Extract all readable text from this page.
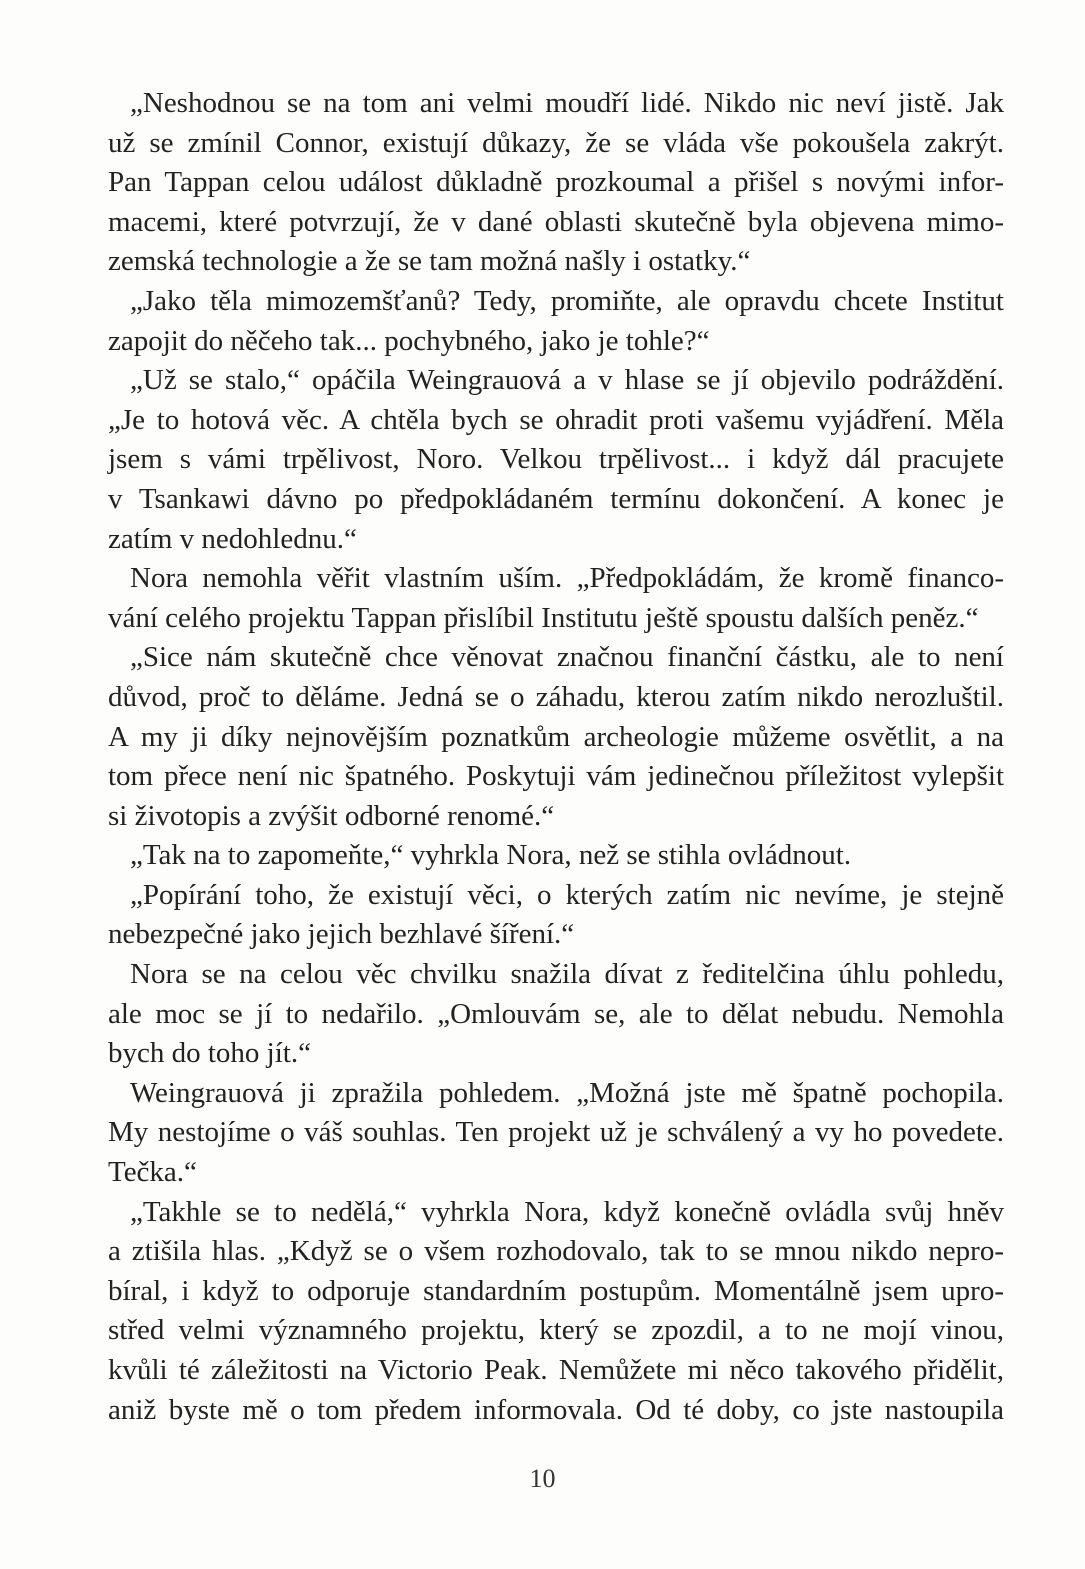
„Neshodnou se na tom ani velmi moudří lidé. Nikdo nic neví jistě. Jak
už se zmínil Connor, existují důkazy, že se vláda vše pokoušela zakrýt.
Pan Tappan celou událost důkladně prozkoumal a přišel s novými infor-
macemi, které potvrzují, že v dané oblasti skutečně byla objevena mimo-
zemská technologie a že se tam možná našly i ostatky.“
„Jako těla mimozemšťanů? Tedy, promiňte, ale opravdu chcete Institut
zapojit do něčeho tak... pochybného, jako je tohle?“
„Už se stalo,“ opáčila Weingrauová a v hlase se jí objevilo podráždění.
„Je to hotová věc. A chtěla bych se ohradit proti vašemu vyjádření. Měla
jsem s vámi trpělivost, Noro. Velkou trpělivost... i když dál pracujete
v Tsankawi dávno po předpokládaném termínu dokončení. A konec je
zatím v nedohlednu.“
Nora nemohla věřit vlastním uším. „Předpokládám, že kromě financo-
vání celého projektu Tappan přislíbil Institutu ještě spoustu dalších peněz.“
„Sice nám skutečně chce věnovat značnou finanční částku, ale to není
důvod, proč to děláme. Jedná se o záhadu, kterou zatím nikdo nerozluštil.
A my ji díky nejnovějším poznatkům archeologie můžeme osvětlit, a na
tom přece není nic špatného. Poskytuji vám jedinečnou příležitost vylepšit
si životopis a zvýšit odborné renomé.“
„Tak na to zapomeňte,“ vyhrkla Nora, než se stihla ovládnout.
„Popírání toho, že existují věci, o kterých zatím nic nevíme, je stejně
nebezpečné jako jejich bezhlavé šíření.“
Nora se na celou věc chvilku snažila dívat z ředitelčina úhlu pohledu,
ale moc se jí to nedařilo. „Omlouvám se, ale to dělat nebudu. Nemohla
bych do toho jít.“
Weingrauová ji zpražila pohledem. „Možná jste mě špatně pochopila.
My nestojíme o váš souhlas. Ten projekt už je schválený a vy ho povedete.
Tečka.“
„Takhle se to nedělá,“ vyhrkla Nora, když konečně ovládla svůj hněv
a ztišila hlas. „Když se o všem rozhodovalo, tak to se mnou nikdo nepro-
bíral, i když to odporuje standardním postupům. Momentálně jsem upro-
střed velmi významného projektu, který se zpozdil, a to ne mojí vinou,
kvůli té záležitosti na Victorio Peak. Nemůžete mi něco takového přidělit,
aniž byste mě o tom předem informovala. Od té doby, co jste nastoupila
10
